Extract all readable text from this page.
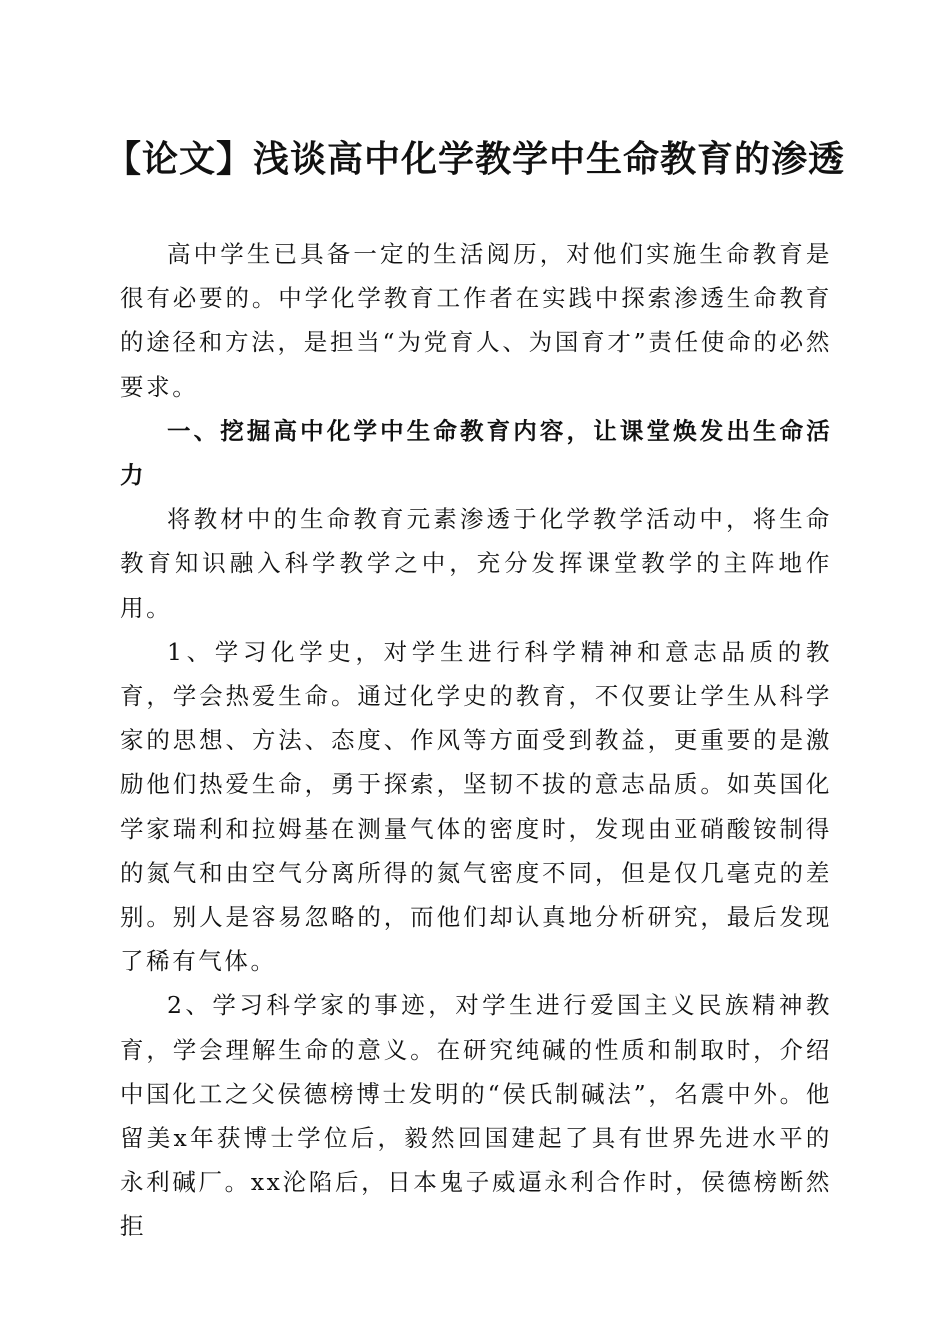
【论文】浅谈高中化学教学中生命教育的渗透

高中学生已具备一定的生活阅历，对他们实施生命教育是很有必要的。中学化学教育工作者在实践中探索渗透生命教育的途径和方法，是担当“为党育人、为国育才”责任使命的必然要求。

一、挖掘高中化学中生命教育内容，让课堂焕发出生命活力

将教材中的生命教育元素渗透于化学教学活动中，将生命教育知识融入科学教学之中，充分发挥课堂教学的主阵地作用。

1、学习化学史，对学生进行科学精神和意志品质的教育，学会热爱生命。通过化学史的教育，不仅要让学生从科学家的思想、方法、态度、作风等方面受到教益，更重要的是激励他们热爱生命，勇于探索，坚韧不拔的意志品质。如英国化学家瑞利和拉姆基在测量气体的密度时，发现由亚硝酸铵制得的氮气和由空气分离所得的氮气密度不同，但是仅几毫克的差别。别人是容易忽略的，而他们却认真地分析研究，最后发现了稀有气体。

2、学习科学家的事迹，对学生进行爱国主义民族精神教育，学会理解生命的意义。在研究纯碱的性质和制取时，介绍中国化工之父侯德榜博士发明的“侯氏制碱法”，名震中外。他留美x年获博士学位后，毅然回国建起了具有世界先进水平的永利碱厂。xx沦陷后，日本鬼子威逼永利合作时，侯德榜断然拒
